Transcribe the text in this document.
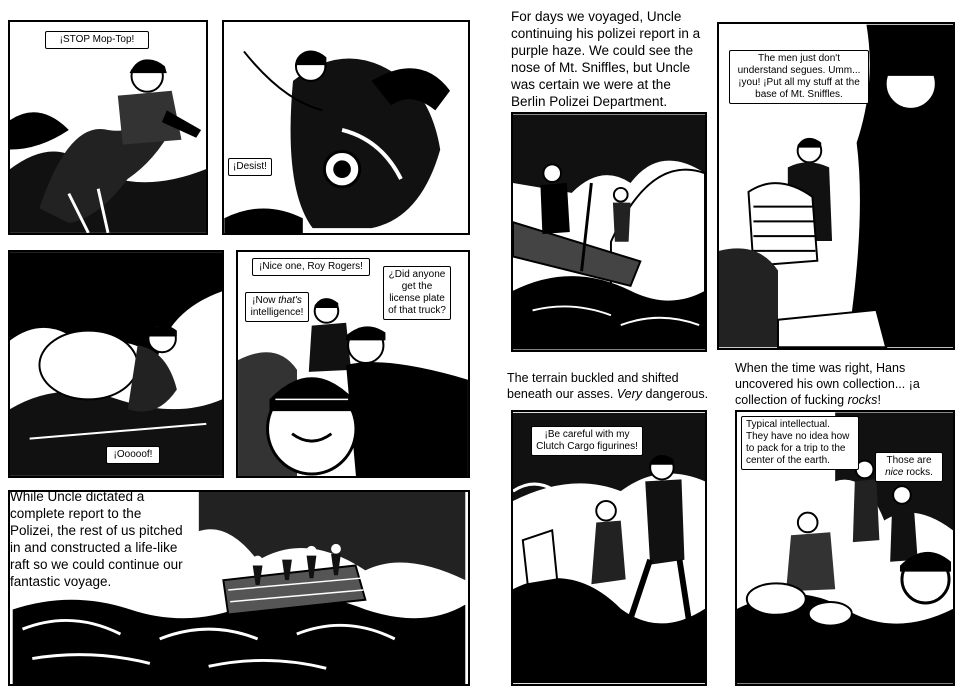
¡STOP Mop-Top!
¡Desist!
¡Ooooof!
¡Nice one, Roy Rogers!
¡Now that's
intelligence!
¿Did anyone get the license plate of that truck?
While Uncle dictated a complete report to the Polizei, the rest of us pitched in and constructed a life-like raft so we could continue our fantastic voyage.
For days we voyaged, Uncle continuing his polizei report in a purple haze. We could see the nose of Mt. Sniffles, but Uncle was certain we were at the Berlin Polizei Department.
The men just don't understand segues. Umm... ¡you! ¡Put all my stuff at the base of Mt. Sniffles.
The terrain buckled and shifted beneath our asses. Very dangerous.
When the time was right, Hans uncovered his own collection... ¡a collection of fucking rocks!
¡Be careful with my Clutch Cargo figurines!
Typical intellectual. They have no idea how to pack for a trip to the center of the earth.	Those are nice rocks.
